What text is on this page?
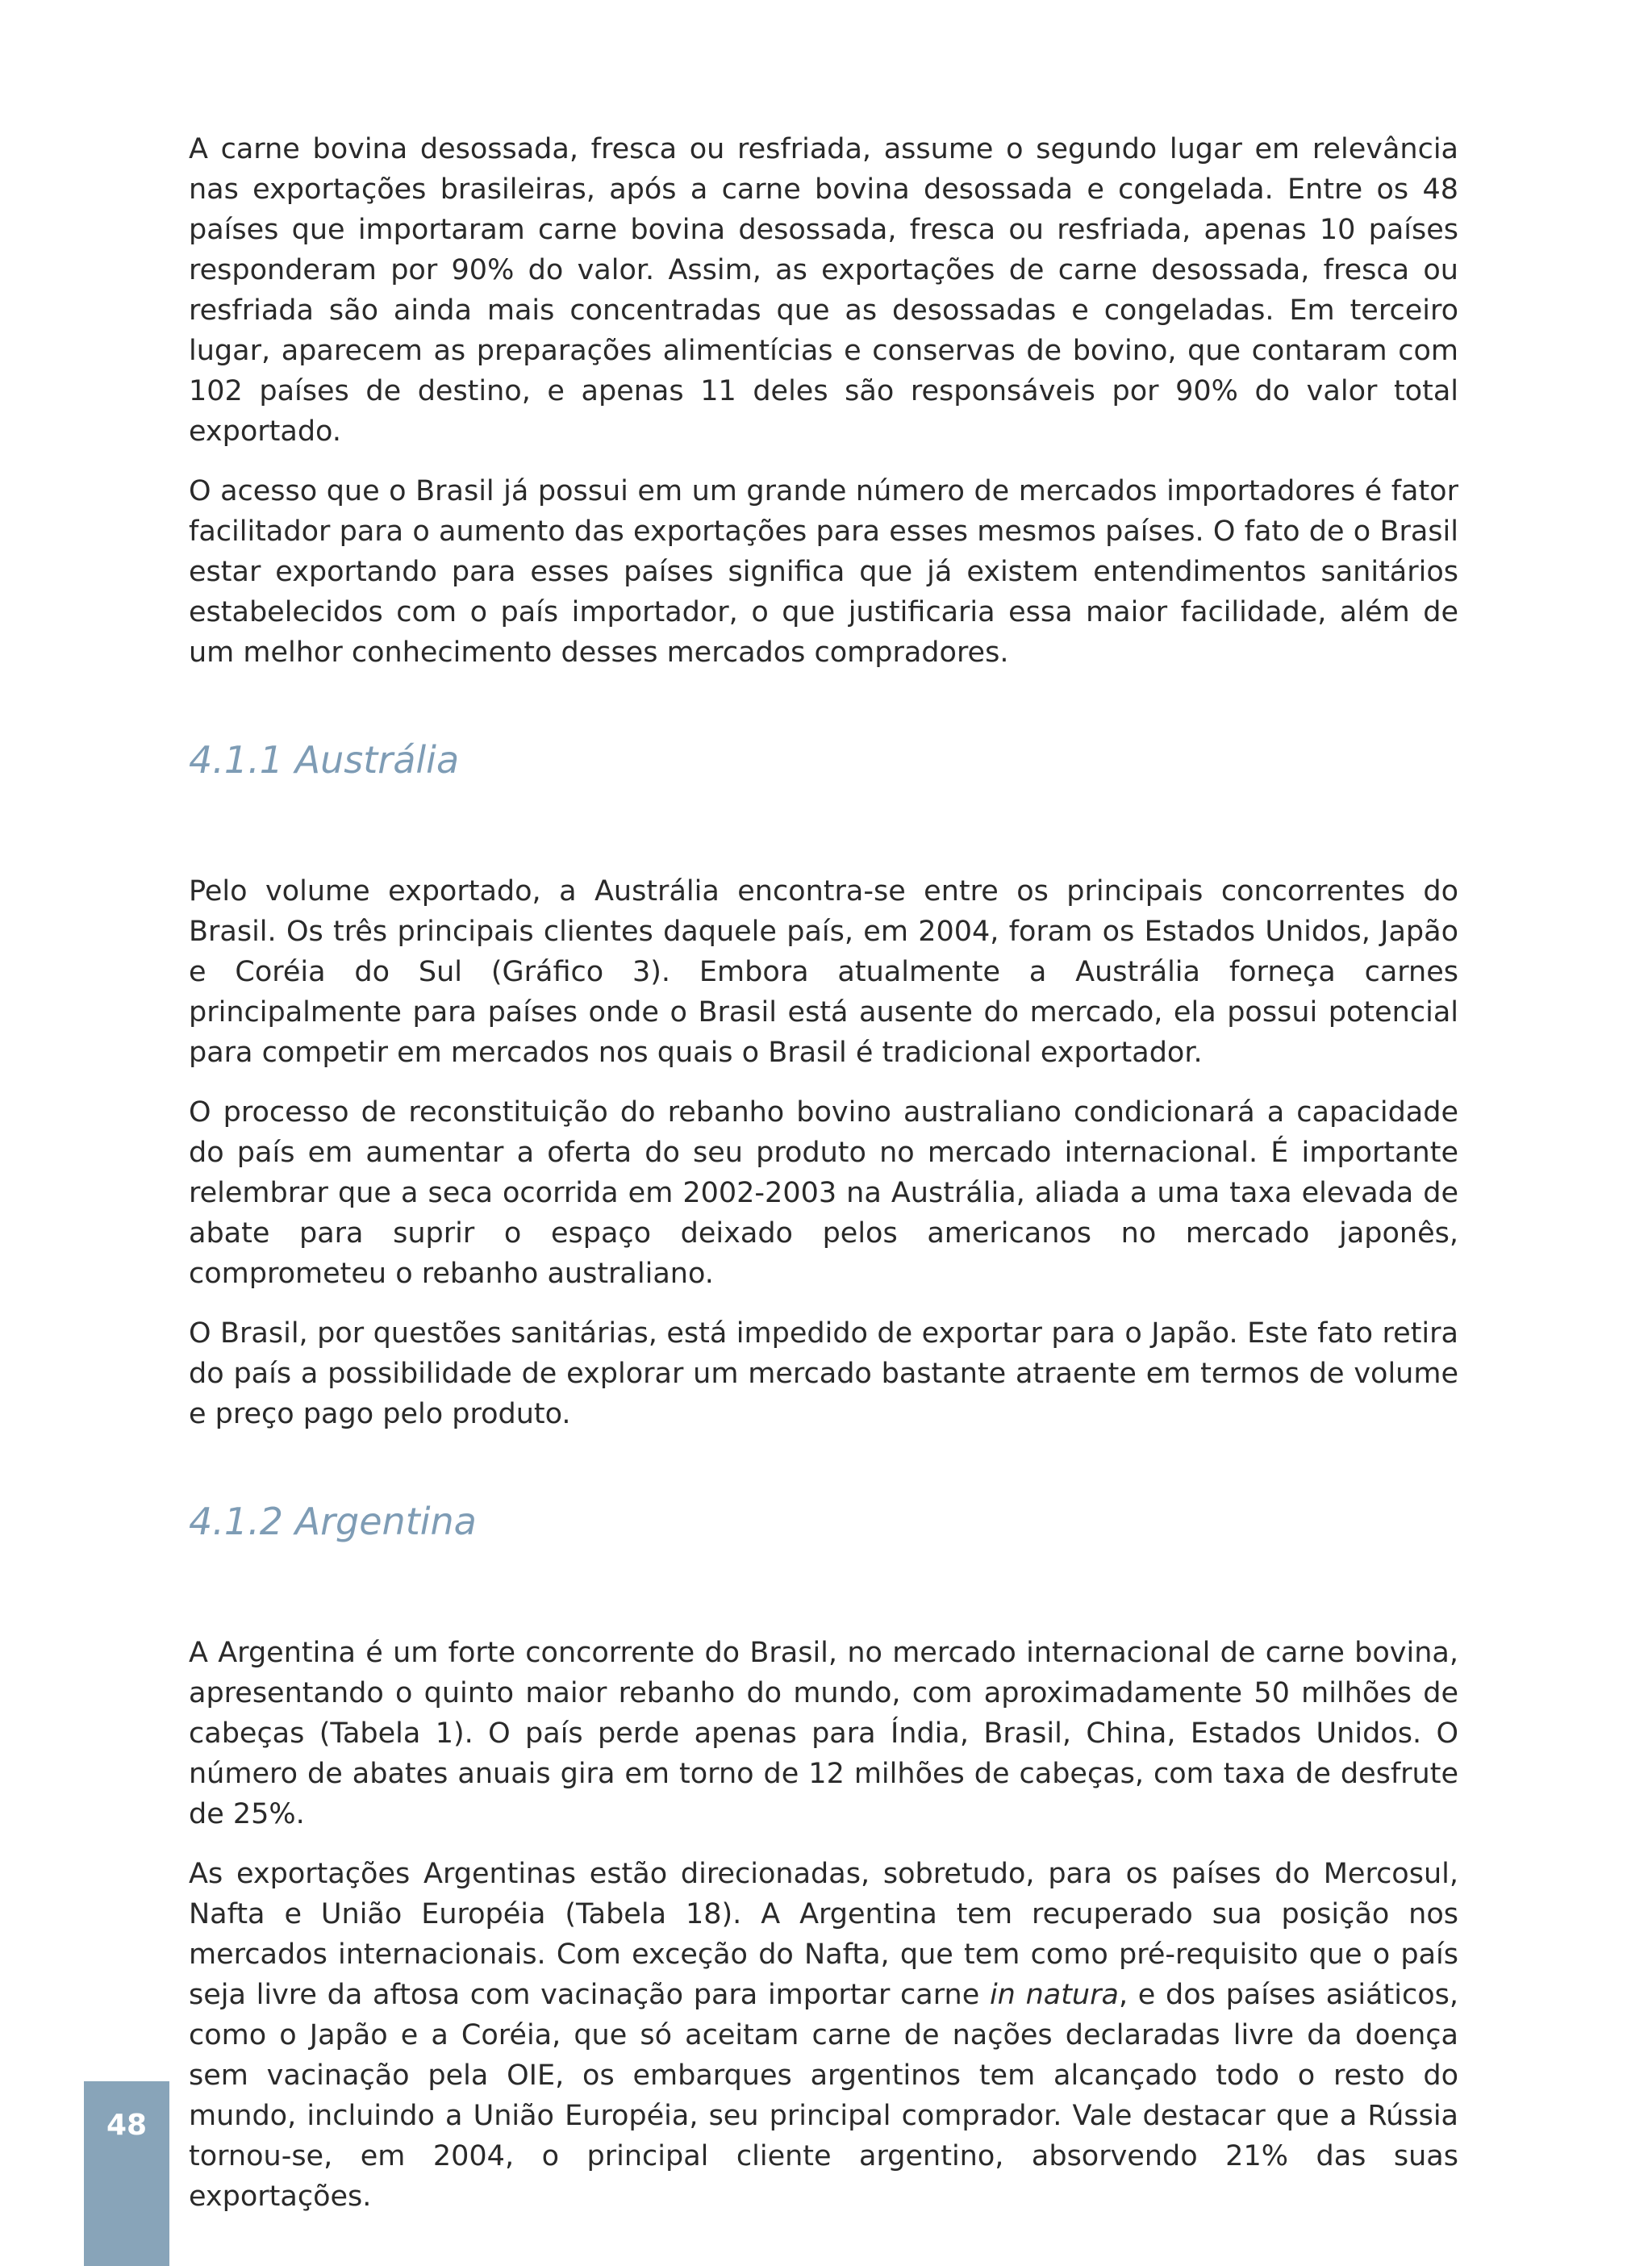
A carne bovina desossada, fresca ou resfriada, assume o segundo lugar em relevância nas exportações brasileiras, após a carne bovina desossada e congelada. Entre os 48 países que importaram carne bovina desossada, fresca ou resfriada, apenas 10 países responderam por 90% do valor. Assim, as exportações de carne desossada, fresca ou resfriada são ainda mais concentradas que as desossadas e congeladas. Em terceiro lugar, aparecem as preparações alimentícias e conservas de bovino, que contaram com 102 países de destino, e apenas 11 deles são responsáveis por 90% do valor total exportado.

O acesso que o Brasil já possui em um grande número de mercados importadores é fator facilitador para o aumento das exportações para esses mesmos países. O fato de o Brasil estar exportando para esses países significa que já existem entendimentos sanitários estabelecidos com o país importador, o que justificaria essa maior facilidade, além de um melhor conhecimento desses mercados compradores.

4.1.1 Austrália

Pelo volume exportado, a Austrália encontra-se entre os principais concorrentes do Brasil. Os três principais clientes daquele país, em 2004, foram os Estados Unidos, Japão e Coréia do Sul (Gráfico 3). Embora atualmente a Austrália forneça carnes principalmente para países onde o Brasil está ausente do mercado, ela possui potencial para competir em mercados nos quais o Brasil é tradicional exportador.

O processo de reconstituição do rebanho bovino australiano condicionará a capacidade do país em aumentar a oferta do seu produto no mercado internacional. É importante relembrar que a seca ocorrida em 2002-2003 na Austrália, aliada a uma taxa elevada de abate para suprir o espaço deixado pelos americanos no mercado japonês, comprometeu o rebanho australiano.

O Brasil, por questões sanitárias, está impedido de exportar para o Japão. Este fato retira do país a possibilidade de explorar um mercado bastante atraente em termos de volume e preço pago pelo produto.

4.1.2 Argentina

A Argentina é um forte concorrente do Brasil, no mercado internacional de carne bovina, apresentando o quinto maior rebanho do mundo, com aproximadamente 50 milhões de cabeças (Tabela 1). O país perde apenas para Índia, Brasil, China, Estados Unidos. O número de abates anuais gira em torno de 12 milhões de cabeças, com taxa de desfrute de 25%.

As exportações Argentinas estão direcionadas, sobretudo, para os países do Mercosul, Nafta e União Européia (Tabela 18). A Argentina tem recuperado sua posição nos mercados internacionais. Com exceção do Nafta, que tem como pré-requisito que o país seja livre da aftosa com vacinação para importar carne in natura, e dos países asiáticos, como o Japão e a Coréia, que só aceitam carne de nações declaradas livre da doença sem vacinação pela OIE, os embarques argentinos tem alcançado todo o resto do mundo, incluindo a União Européia, seu principal comprador. Vale destacar que a Rússia tornou-se, em 2004, o principal cliente argentino, absorvendo 21% das suas exportações.

48
